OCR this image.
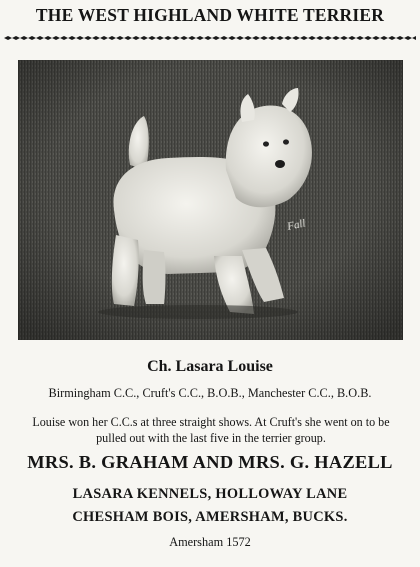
THE WEST HIGHLAND WHITE TERRIER
Fall
Ch. Lasara Louise
Birmingham C.C., Cruft's C.C., B.O.B., Manchester C.C., B.O.B.
Louise won her C.C.s at three straight shows. At Cruft's she went on to be pulled out with the last five in the terrier group.
MRS. B. GRAHAM AND MRS. G. HAZELL
LASARA KENNELS, HOLLOWAY LANE
CHESHAM BOIS, AMERSHAM, BUCKS.
Amersham 1572
